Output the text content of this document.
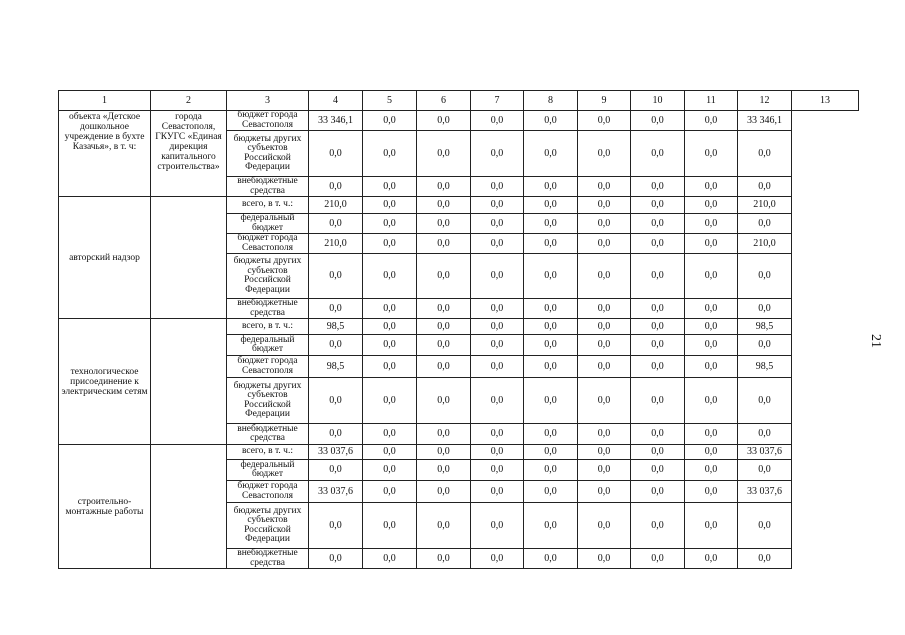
1	2	3	4	5	6	7	8	9	10	11	12	13
объекта «Детское дошкольное учреждение в бухте Казачья», в т. ч:	города Севастополя, ГКУГС «Единая дирекция капитального строительства»	бюджет города Севастополя	33 346,1	0,0	0,0	0,0	0,0	0,0	0,0	0,0	33 346,1	
		бюджеты других субъектов Российской Федерации	0,0	0,0	0,0	0,0	0,0	0,0	0,0	0,0	0,0	
		внебюджетные средства	0,0	0,0	0,0	0,0	0,0	0,0	0,0	0,0	0,0	
авторский надзор		всего, в т. ч.:	210,0	0,0	0,0	0,0	0,0	0,0	0,0	0,0	210,0	
		федеральный бюджет	0,0	0,0	0,0	0,0	0,0	0,0	0,0	0,0	0,0	
		бюджет города Севастополя	210,0	0,0	0,0	0,0	0,0	0,0	0,0	0,0	210,0	
		бюджеты других субъектов Российской Федерации	0,0	0,0	0,0	0,0	0,0	0,0	0,0	0,0	0,0	
		внебюджетные средства	0,0	0,0	0,0	0,0	0,0	0,0	0,0	0,0	0,0	
технологическое присоединение к электрическим сетям		всего, в т. ч.:	98,5	0,0	0,0	0,0	0,0	0,0	0,0	0,0	98,5	
		федеральный бюджет	0,0	0,0	0,0	0,0	0,0	0,0	0,0	0,0	0,0	
		бюджет города Севастополя	98,5	0,0	0,0	0,0	0,0	0,0	0,0	0,0	98,5	
		бюджеты других субъектов Российской Федерации	0,0	0,0	0,0	0,0	0,0	0,0	0,0	0,0	0,0	
		внебюджетные средства	0,0	0,0	0,0	0,0	0,0	0,0	0,0	0,0	0,0	
строительно-монтажные работы		всего, в т. ч.:	33 037,6	0,0	0,0	0,0	0,0	0,0	0,0	0,0	33 037,6	
		федеральный бюджет	0,0	0,0	0,0	0,0	0,0	0,0	0,0	0,0	0,0	
		бюджет города Севастополя	33 037,6	0,0	0,0	0,0	0,0	0,0	0,0	0,0	33 037,6	
		бюджеты других субъектов Российской Федерации	0,0	0,0	0,0	0,0	0,0	0,0	0,0	0,0	0,0	
		внебюджетные средства	0,0	0,0	0,0	0,0	0,0	0,0	0,0	0,0	0,0	
21
